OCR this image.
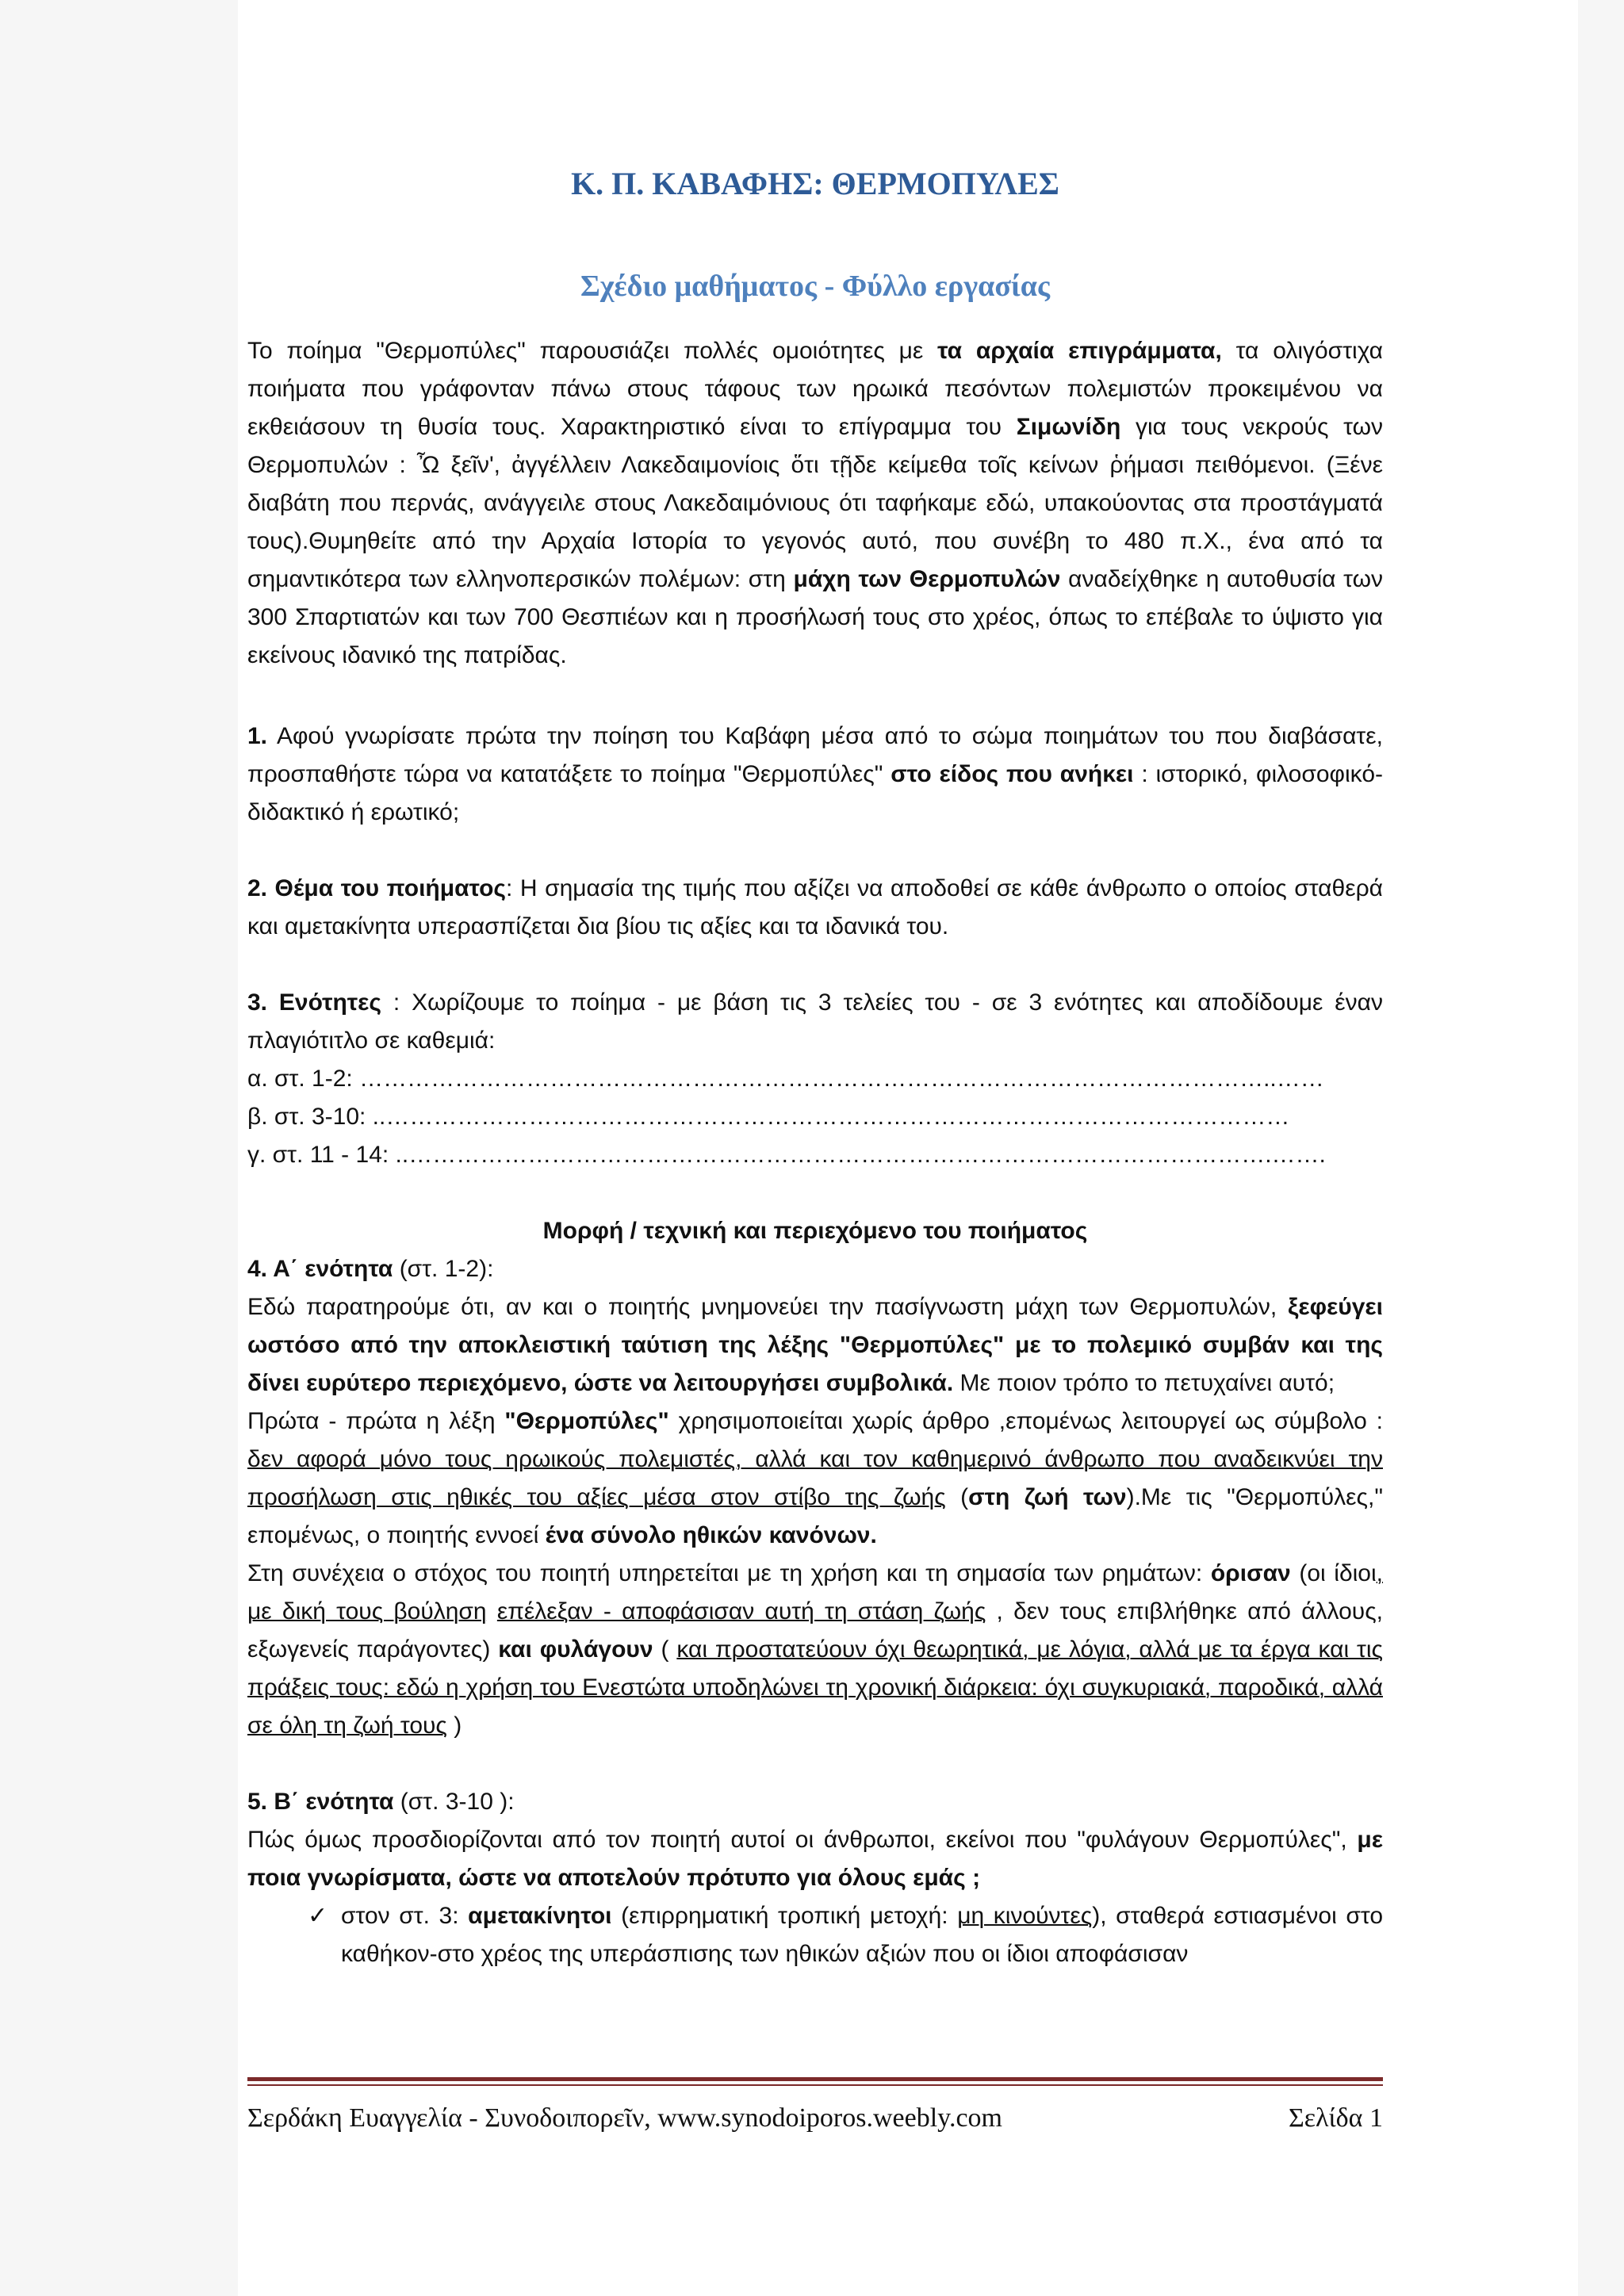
Κ. Π. ΚΑΒΑΦΗΣ: ΘΕΡΜΟΠΥΛΕΣ
Σχέδιο μαθήματος - Φύλλο εργασίας

Το ποίημα "Θερμοπύλες" παρουσιάζει πολλές ομοιότητες με τα αρχαία επιγράμματα, τα ολιγόστιχα ποιήματα που γράφονταν πάνω στους τάφους των ηρωικά πεσόντων πολεμιστών προκειμένου να εκθειάσουν τη θυσία τους. Χαρακτηριστικό είναι το επίγραμμα του Σιμωνίδη για τους νεκρούς των Θερμοπυλών : Ὦ ξεῖν', ἀγγέλλειν Λακεδαιμονίοις ὅτι τῇδε κείμεθα τοῖς κείνων ῥήμασι πειθόμενοι. (Ξένε διαβάτη που περνάς, ανάγγειλε στους Λακεδαιμόνιους ότι ταφήκαμε εδώ, υπακούοντας στα προστάγματά τους).Θυμηθείτε από την Αρχαία Ιστορία το γεγονός αυτό, που συνέβη το 480 π.Χ., ένα από τα σημαντικότερα των ελληνοπερσικών πολέμων: στη μάχη των Θερμοπυλών αναδείχθηκε η αυτοθυσία των 300 Σπαρτιατών και των 700 Θεσπιέων και η προσήλωσή τους στο χρέος, όπως το επέβαλε το ύψιστο για εκείνους ιδανικό της πατρίδας.

1. Αφού γνωρίσατε πρώτα την ποίηση του Καβάφη μέσα από το σώμα ποιημάτων του που διαβάσατε, προσπαθήστε τώρα να κατατάξετε το ποίημα "Θερμοπύλες" στο είδος που ανήκει : ιστορικό, φιλοσοφικό-διδακτικό ή ερωτικό;

2. Θέμα του ποιήματος: Η σημασία της τιμής που αξίζει να αποδοθεί σε κάθε άνθρωπο ο οποίος σταθερά και αμετακίνητα υπερασπίζεται δια βίου τις αξίες και τα ιδανικά του.

3. Ενότητες : Χωρίζουμε το ποίημα - με βάση τις 3 τελείες του - σε 3 ενότητες και αποδίδουμε έναν πλαγιότιτλο σε καθεμιά:

α. στ. 1-2: ……………………………………………………………………………………………………..……

β. στ. 3-10: ..……………………………………………………………………………………………………

γ. στ. 11 - 14: ..……………………………………………………………………………………………….…….

Μορφή / τεχνική και περιεχόμενο του ποιήματος

4. Α΄ ενότητα (στ. 1-2):

Εδώ παρατηρούμε ότι, αν και ο ποιητής μνημονεύει την πασίγνωστη μάχη των Θερμοπυλών, ξεφεύγει ωστόσο από την αποκλειστική ταύτιση της λέξης "Θερμοπύλες" με το πολεμικό συμβάν και της δίνει ευρύτερο περιεχόμενο, ώστε να λειτουργήσει συμβολικά. Με ποιον τρόπο το πετυχαίνει αυτό;

Πρώτα - πρώτα η λέξη "Θερμοπύλες" χρησιμοποιείται χωρίς άρθρο ,επομένως λειτουργεί ως σύμβολο : δεν αφορά μόνο τους ηρωικούς πολεμιστές, αλλά και τον καθημερινό άνθρωπο που αναδεικνύει την προσήλωση στις ηθικές του αξίες μέσα στον στίβο της ζωής (στη ζωή των).Με τις "Θερμοπύλες," επομένως, ο ποιητής εννοεί ένα σύνολο ηθικών κανόνων.

Στη συνέχεια ο στόχος του ποιητή υπηρετείται με τη χρήση και τη σημασία των ρημάτων: όρισαν (οι ίδιοι, με δική τους βούληση επέλεξαν - αποφάσισαν αυτή τη στάση ζωής , δεν τους επιβλήθηκε από άλλους, εξωγενείς παράγοντες) και φυλάγουν ( και προστατεύουν όχι θεωρητικά, με λόγια, αλλά με τα έργα και τις πράξεις τους: εδώ η χρήση του Ενεστώτα υποδηλώνει τη χρονική διάρκεια: όχι συγκυριακά, παροδικά, αλλά σε όλη τη ζωή τους )

5. Β΄ ενότητα (στ. 3-10 ):

Πώς όμως προσδιορίζονται από τον ποιητή αυτοί οι άνθρωποι, εκείνοι που "φυλάγουν Θερμοπύλες", με ποια γνωρίσματα, ώστε να αποτελούν πρότυπο για όλους εμάς ;

✓ στον στ. 3: αμετακίνητοι (επιρρηματική τροπική μετοχή: μη κινούντες), σταθερά εστιασμένοι στο καθήκον-στο χρέος της υπεράσπισης των ηθικών αξιών που οι ίδιοι αποφάσισαν

Σερδάκη Ευαγγελία - Συνοδοιπορεῖν, www.synodoiporos.weebly.com	Σελίδα 1
